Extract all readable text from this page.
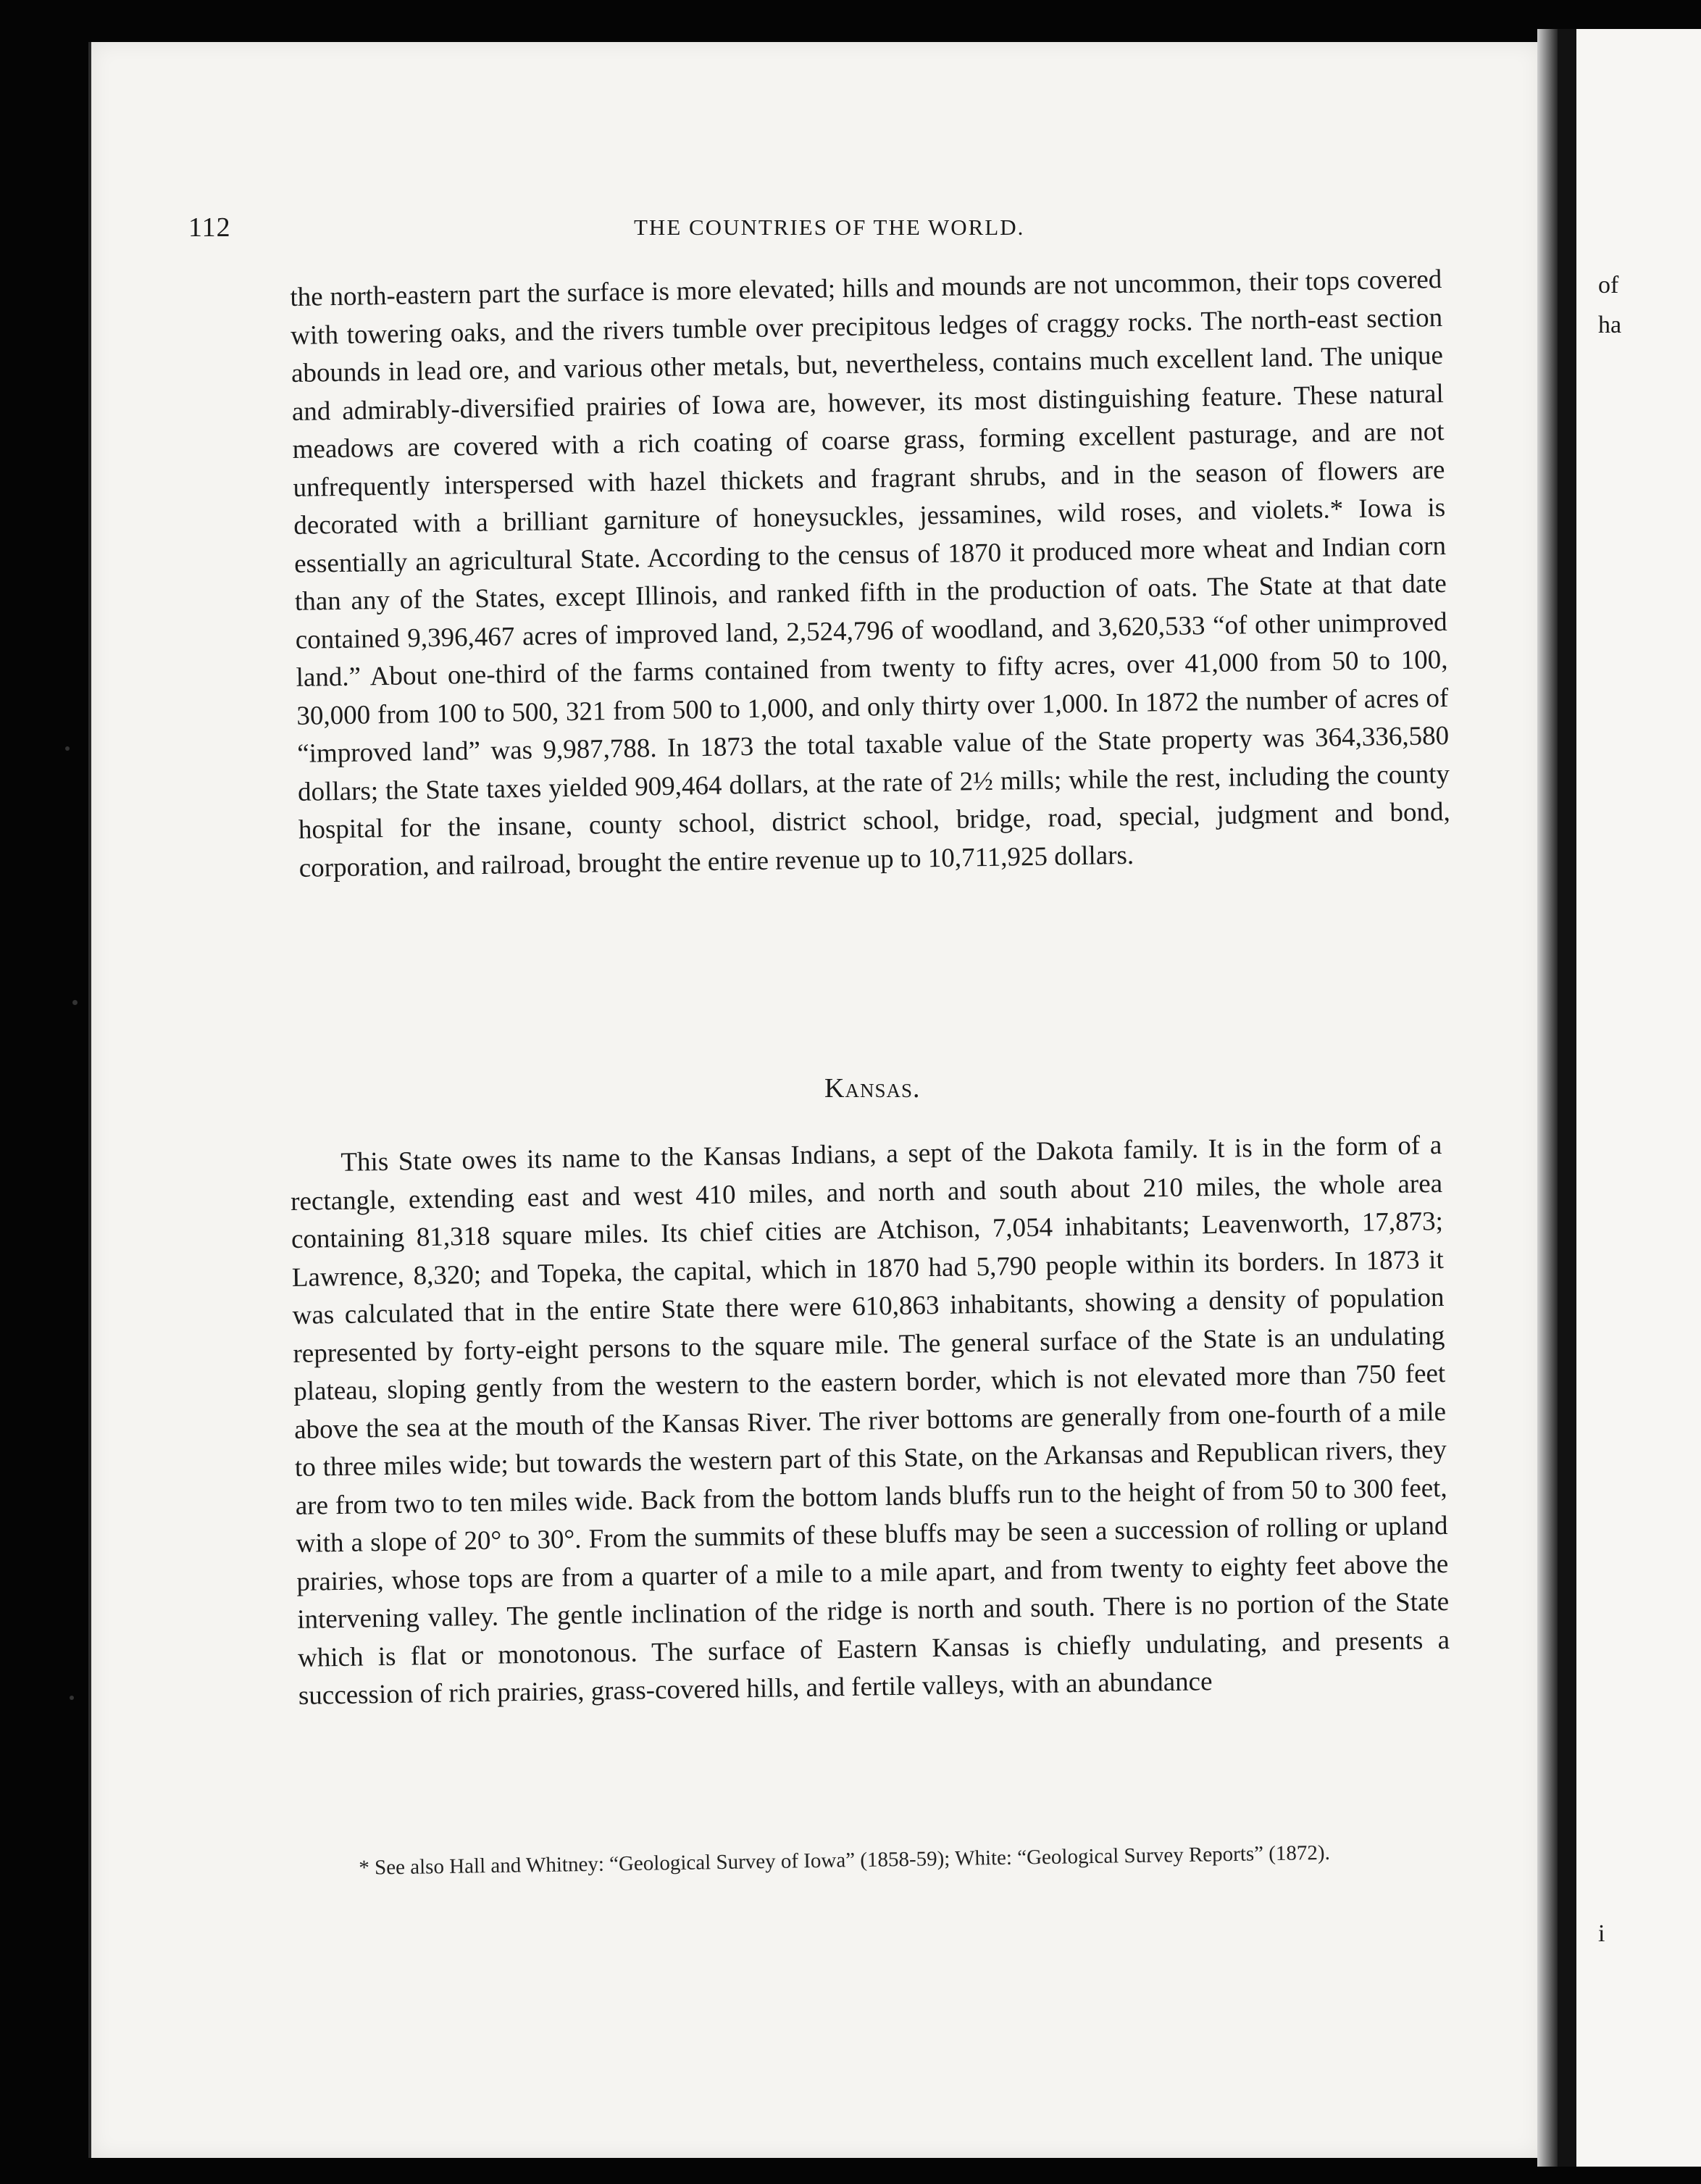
of
ha
i
112	THE COUNTRIES OF THE WORLD.

the north-eastern part the surface is more elevated; hills and mounds are not uncommon, their tops covered with towering oaks, and the rivers tumble over precipitous ledges of craggy rocks. The north-east section abounds in lead ore, and various other metals, but, nevertheless, contains much excellent land. The unique and admirably-diversified prairies of Iowa are, however, its most distinguishing feature. These natural meadows are covered with a rich coating of coarse grass, forming excellent pasturage, and are not unfrequently interspersed with hazel thickets and fragrant shrubs, and in the season of flowers are decorated with a brilliant garniture of honeysuckles, jessamines, wild roses, and violets.* Iowa is essentially an agricultural State. According to the census of 1870 it produced more wheat and Indian corn than any of the States, except Illinois, and ranked fifth in the production of oats. The State at that date contained 9,396,467 acres of improved land, 2,524,796 of woodland, and 3,620,533 “of other unimproved land.” About one-third of the farms contained from twenty to fifty acres, over 41,000 from 50 to 100, 30,000 from 100 to 500, 321 from 500 to 1,000, and only thirty over 1,000. In 1872 the number of acres of “improved land” was 9,987,788. In 1873 the total taxable value of the State property was 364,336,580 dollars; the State taxes yielded 909,464 dollars, at the rate of 2½ mills; while the rest, including the county hospital for the insane, county school, district school, bridge, road, special, judgment and bond, corporation, and railroad, brought the entire revenue up to 10,711,925 dollars.

Kansas.

This State owes its name to the Kansas Indians, a sept of the Dakota family. It is in the form of a rectangle, extending east and west 410 miles, and north and south about 210 miles, the whole area containing 81,318 square miles. Its chief cities are Atchison, 7,054 inhabitants; Leavenworth, 17,873; Lawrence, 8,320; and Topeka, the capital, which in 1870 had 5,790 people within its borders. In 1873 it was calculated that in the entire State there were 610,863 inhabitants, showing a density of population represented by forty-eight persons to the square mile. The general surface of the State is an undulating plateau, sloping gently from the western to the eastern border, which is not elevated more than 750 feet above the sea at the mouth of the Kansas River. The river bottoms are generally from one-fourth of a mile to three miles wide; but towards the western part of this State, on the Arkansas and Republican rivers, they are from two to ten miles wide. Back from the bottom lands bluffs run to the height of from 50 to 300 feet, with a slope of 20° to 30°. From the summits of these bluffs may be seen a succession of rolling or upland prairies, whose tops are from a quarter of a mile to a mile apart, and from twenty to eighty feet above the intervening valley. The gentle inclination of the ridge is north and south. There is no portion of the State which is flat or monotonous. The surface of Eastern Kansas is chiefly undulating, and presents a succession of rich prairies, grass-covered hills, and fertile valleys, with an abundance

* See also Hall and Whitney: “Geological Survey of Iowa” (1858-59); White: “Geological Survey Reports” (1872).
